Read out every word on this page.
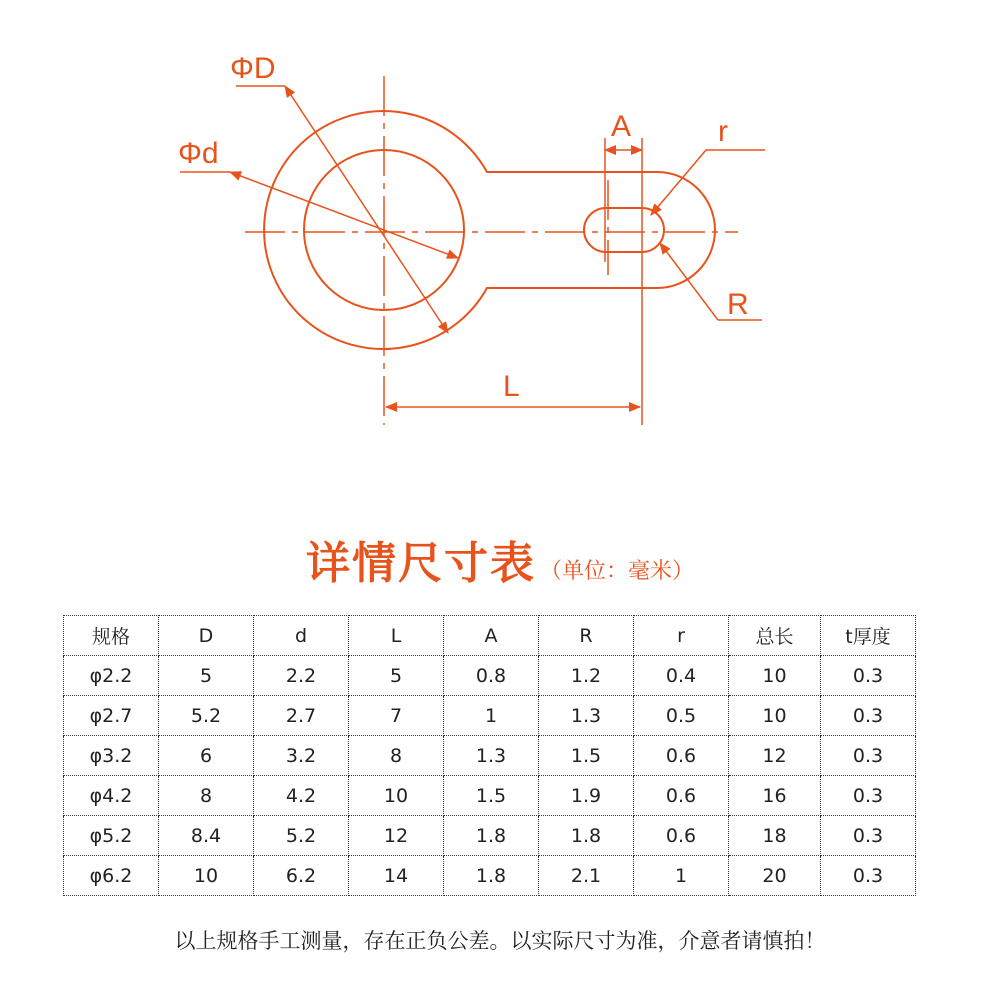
ΦD
Φd
A	r
R
L
详情尺寸表 （单位：毫米）
规格	D	d	L	A	R	r	总长	t厚度
φ2.2	5	2.2	5	0.8	1.2	0.4	10	0.3
φ2.7	5.2	2.7	7	1	1.3	0.5	10	0.3
φ3.2	6	3.2	8	1.3	1.5	0.6	12	0.3
φ4.2	8	4.2	10	1.5	1.9	0.6	16	0.3
φ5.2	8.4	5.2	12	1.8	1.8	0.6	18	0.3
φ6.2	10	6.2	14	1.8	2.1	1	20	0.3
以上规格手工测量，存在正负公差。以实际尺寸为准，介意者请慎拍！
